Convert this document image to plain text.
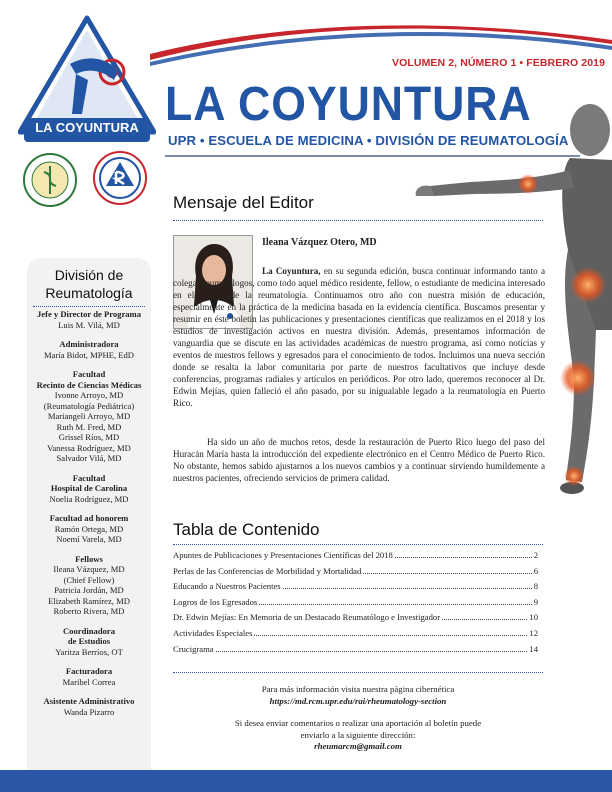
LA COYUNTURA
VOLUMEN 2, NÚMERO 1 • FEBRERO 2019
LA COYUNTURA
UPR • ESCUELA DE MEDICINA • DIVISIÓN DE REUMATOLOGÍA
División de Reumatología
Jefe y Director de Programa
Luis M. Vilá, MD
Administradora
María Bidot, MPHE, EdD
Facultad
Recinto de Ciencias Médicas
Ivonne Arroyo, MD
(Reumatología Pediátrica)
Mariangeli Arroyo, MD
Ruth M. Fred, MD
Grissel Ríos, MD
Vanessa Rodríguez, MD
Salvador Vilá, MD
Facultad
Hospital de Carolina
Noelia Rodríguez, MD
Facultad ad honorem
Ramón Ortega, MD
Noemí Varela, MD
Fellows
Ileana Vázquez, MD
(Chief Fellow)
Patricia Jordán, MD
Elizabeth Ramírez, MD
Roberto Rivera, MD
Coordinadora
de Estudios
Yaritza Berríos, OT
Facturadora
Maribel Correa
Asistente Administrativo
Wanda Pizarro
Mensaje del Editor
Ileana Vázquez Otero, MD
La Coyuntura, en su segunda edición, busca continuar informando tanto a colegas reumatólogos, como todo aquel médico residente, fellow, o estudiante de medicina interesado en el campo de la reumatología. Continuamos otro año con nuestra misión de educación, especialmente en la práctica de la medicina basada en la evidencia científica. Buscamos presentar y resumir en éste boletín las publicaciones y presentaciones científicas que realizamos en el 2018 y los estudios de investigación activos en nuestra división. Además, presentamos información de vanguardia que se discute en las actividades académicas de nuestro programa, así como noticias y eventos de nuestros fellows y egresados para el conocimiento de todos. Incluimos una nueva sección donde se resalta la labor comunitaria por parte de nuestros facultativos que incluye desde conferencias, programas radiales y artículos en periódicos. Por otro lado, queremos reconocer al Dr. Edwin Mejías, quien falleció el año pasado, por su inigualable legado a la reumatología en Puerto Rico.
Ha sido un año de muchos retos, desde la restauración de Puerto Rico luego del paso del Huracán María hasta la introducción del expediente electrónico en el Centro Médico de Puerto Rico. No obstante, hemos sabido ajustarnos a los nuevos cambios y a continuar sirviendo humildemente a nuestros pacientes, ofreciendo servicios de primera calidad.
Tabla de Contenido
Apuntes de Publicaciones y Presentaciones Científicas del 2018	2
Perlas de las Conferencias de Morbilidad y Mortalidad	6
Educando a Nuestros Pacientes	8
Logros de los Egresados	9
Dr. Edwin Mejías: En Memoria de un Destacado Reumatólogo e Investigador	10
Actividades Especiales	12
Crucigrama	14
Para más información visita nuestra página cibernética
https://md.rcm.upr.edu/rai/rheumatology-section
Si desea enviar comentarios o realizar una aportación al boletín puede
enviarlo a la siguiente dirección:
rheumarcm@gmail.com
